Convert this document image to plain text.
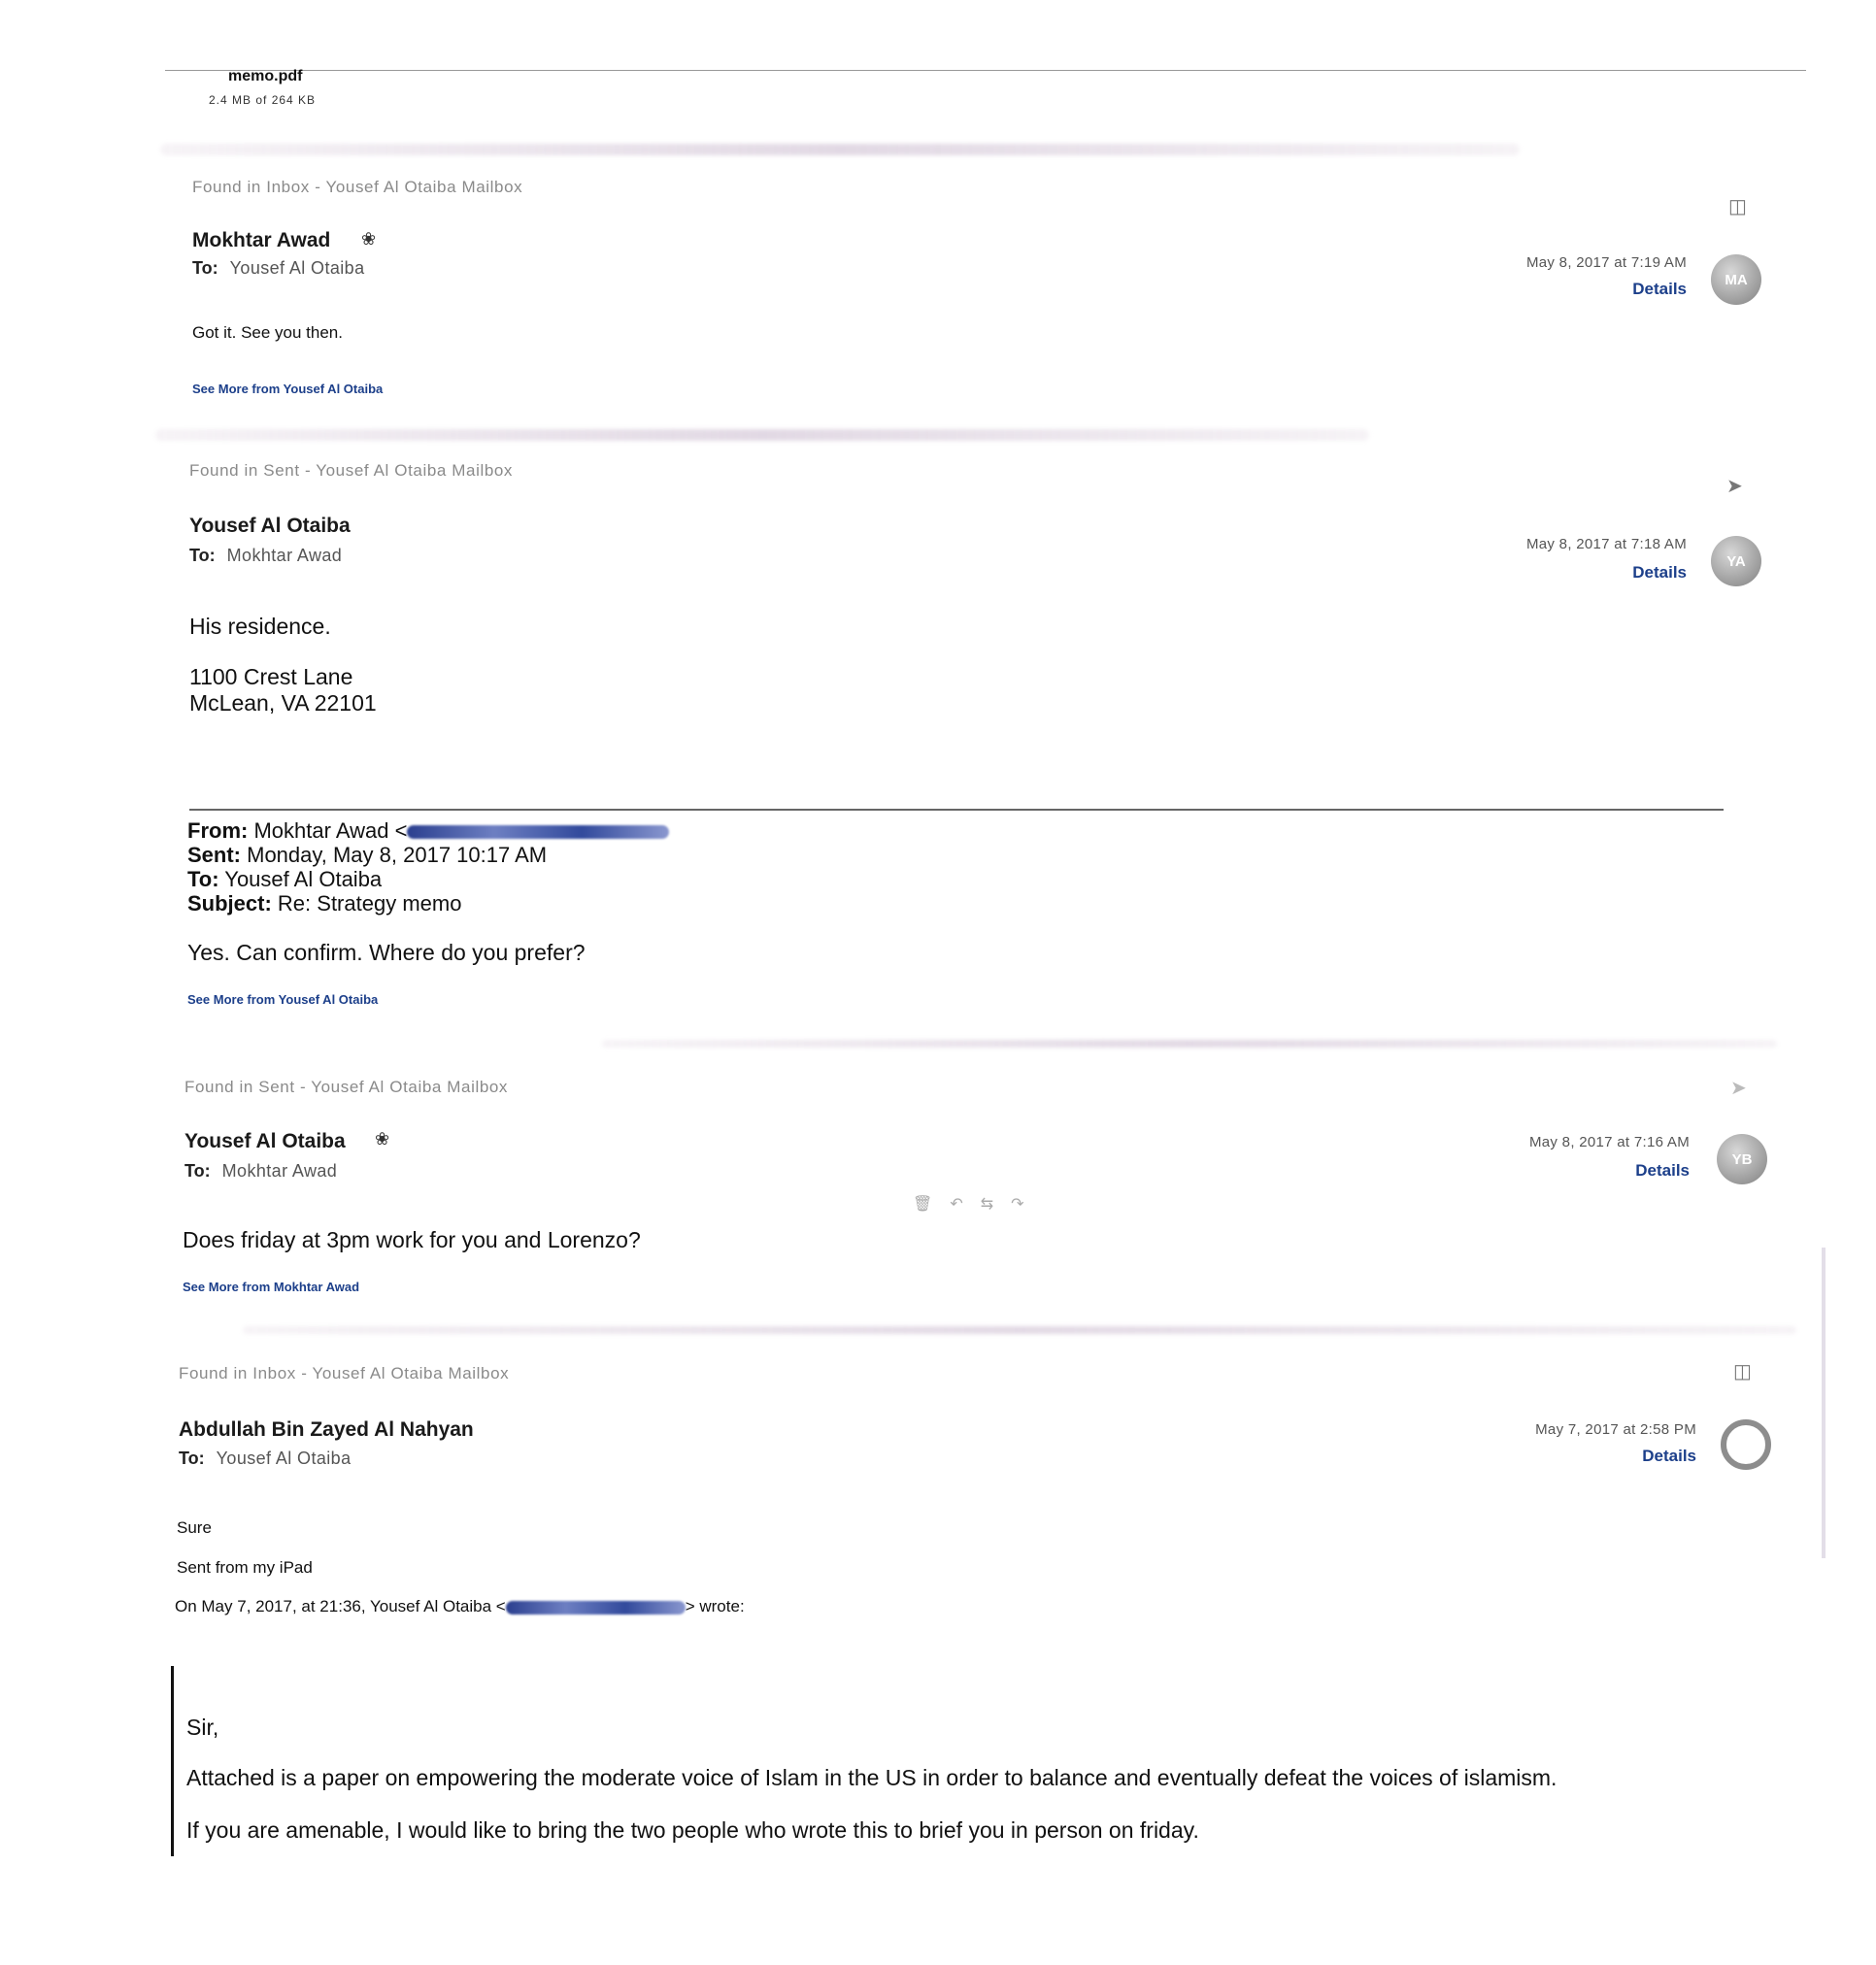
memo.pdf
2.4 MB of 264 KB
Found in Inbox - Yousef Al Otaiba Mailbox
◫
Mokhtar Awad ❀
To: Yousef Al Otaiba	May 8, 2017 at 7:19 AM
Details	MA
Got it. See you then.
See More from Yousef Al Otaiba
Found in Sent - Yousef Al Otaiba Mailbox
➤
Yousef Al Otaiba
To: Mokhtar Awad
May 8, 2017 at 7:18 AM
Details
YA
His residence.
1100 Crest Lane
McLean, VA 22101
From: Mokhtar Awad <
Sent: Monday, May 8, 2017 10:17 AM
To: Yousef Al Otaiba
Subject: Re: Strategy memo
Yes. Can confirm. Where do you prefer?
See More from Yousef Al Otaiba
Found in Sent - Yousef Al Otaiba Mailbox	➤
Yousef Al Otaiba ❀
To: Mokhtar Awad
May 8, 2017 at 7:16 AM
Details
YB
🗑↶⇆↷
Does friday at 3pm work for you and Lorenzo?
See More from Mokhtar Awad
Found in Inbox - Yousef Al Otaiba Mailbox	◫
Abdullah Bin Zayed Al Nahyan
To: Yousef Al Otaiba
May 7, 2017 at 2:58 PM
Details
Sure
Sent from my iPad
On May 7, 2017, at 21:36, Yousef Al Otaiba <	> wrote:
Sir,
Attached is a paper on empowering the moderate voice of Islam in the US in order to balance and eventually defeat the voices of islamism.
If you are amenable, I would like to bring the two people who wrote this to brief you in person on friday.
